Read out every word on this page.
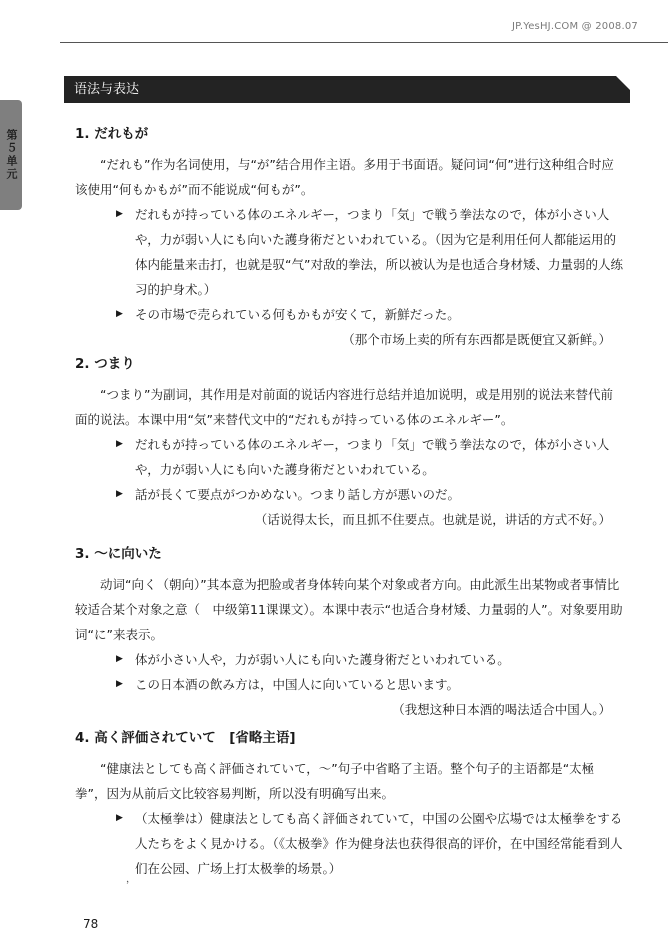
JP.YesHJ.COM @ 2008.07
第５单元
语法与表达
1. だれもが

“だれも”作为名词使用，与“が”结合用作主语。多用于书面语。疑问词“何”进行这种组合时应该使用“何もかもが”而不能说成“何もが”。

▶ だれもが持っている体のエネルギー，つまり「気」で戦う拳法なので，体が小さい人や，力が弱い人にも向いた護身術だといわれている。（因为它是利用任何人都能运用的体内能量来击打，也就是驭“气”对敌的拳法，所以被认为是也适合身材矮、力量弱的人练习的护身术。）

▶ その市場で売られている何もかもが安くて，新鮮だった。

（那个市场上卖的所有东西都是既便宜又新鲜。）

2. つまり

“つまり”为副词，其作用是对前面的说话内容进行总结并追加说明，或是用别的说法来替代前面的说法。本课中用“気”来替代文中的“だれもが持っている体のエネルギー”。

▶ だれもが持っている体のエネルギー，つまり「気」で戦う拳法なので，体が小さい人や，力が弱い人にも向いた護身術だといわれている。

▶ 話が長くて要点がつかめない。つまり話し方が悪いのだ。

（话说得太长，而且抓不住要点。也就是说，讲话的方式不好。）

3. ～に向いた

动词“向く（朝向）”其本意为把脸或者身体转向某个对象或者方向。由此派生出某物或者事情比较适合某个对象之意（　中级第11课课文）。本课中表示“也适合身材矮、力量弱的人”。对象要用助词“に”来表示。

▶ 体が小さい人や，力が弱い人にも向いた護身術だといわれている。

▶ この日本酒の飲み方は，中国人に向いていると思います。

（我想这种日本酒的喝法适合中国人。）

4. 高く評価されていて　[省略主语]

“健康法としても高く評価されていて，～”句子中省略了主语。整个句子的主语都是“太極拳”，因为从前后文比较容易判断，所以没有明确写出来。

▶ （太極拳は）健康法としても高く評価されていて，中国の公園や広場では太極拳をする人たちをよく見かける。（《太极拳》作为健身法也获得很高的评价，在中国经常能看到人们在公园、广场上打太极拳的场景。）

，
78
